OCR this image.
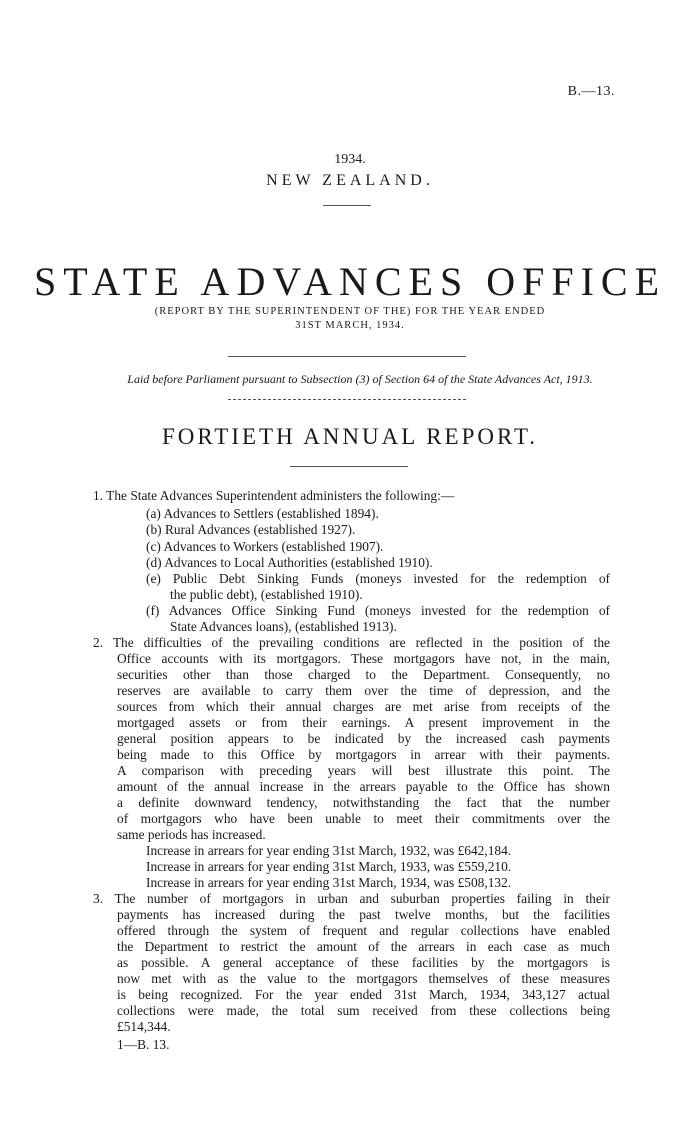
B.—13.
1934.
NEW ZEALAND.
STATE ADVANCES OFFICE
(REPORT BY THE SUPERINTENDENT OF THE) FOR THE YEAR ENDED
31ST MARCH, 1934.
Laid before Parliament pursuant to Subsection (3) of Section 64 of the State Advances Act, 1913.
FORTIETH ANNUAL REPORT.
1. The State Advances Superintendent administers the following:—
(a) Advances to Settlers (established 1894).
(b) Rural Advances (established 1927).
(c) Advances to Workers (established 1907).
(d) Advances to Local Authorities (established 1910).
(e) Public Debt Sinking Funds (moneys invested for the redemption of
the public debt), (established 1910).
(f) Advances Office Sinking Fund (moneys invested for the redemption of
State Advances loans), (established 1913).
2. The difficulties of the prevailing conditions are reflected in the position of the
Office accounts with its mortgagors. These mortgagors have not, in the main,
securities other than those charged to the Department. Consequently, no
reserves are available to carry them over the time of depression, and the
sources from which their annual charges are met arise from receipts of the
mortgaged assets or from their earnings. A present improvement in the
general position appears to be indicated by the increased cash payments
being made to this Office by mortgagors in arrear with their payments.
A comparison with preceding years will best illustrate this point. The
amount of the annual increase in the arrears payable to the Office has shown
a definite downward tendency, notwithstanding the fact that the number
of mortgagors who have been unable to meet their commitments over the
same periods has increased.
Increase in arrears for year ending 31st March, 1932, was £642,184.
Increase in arrears for year ending 31st March, 1933, was £559,210.
Increase in arrears for year ending 31st March, 1934, was £508,132.
3. The number of mortgagors in urban and suburban properties failing in their
payments has increased during the past twelve months, but the facilities
offered through the system of frequent and regular collections have enabled
the Department to restrict the amount of the arrears in each case as much
as possible. A general acceptance of these facilities by the mortgagors is
now met with as the value to the mortgagors themselves of these measures
is being recognized. For the year ended 31st March, 1934, 343,127 actual
collections were made, the total sum received from these collections being
£514,344.
1—B. 13.
